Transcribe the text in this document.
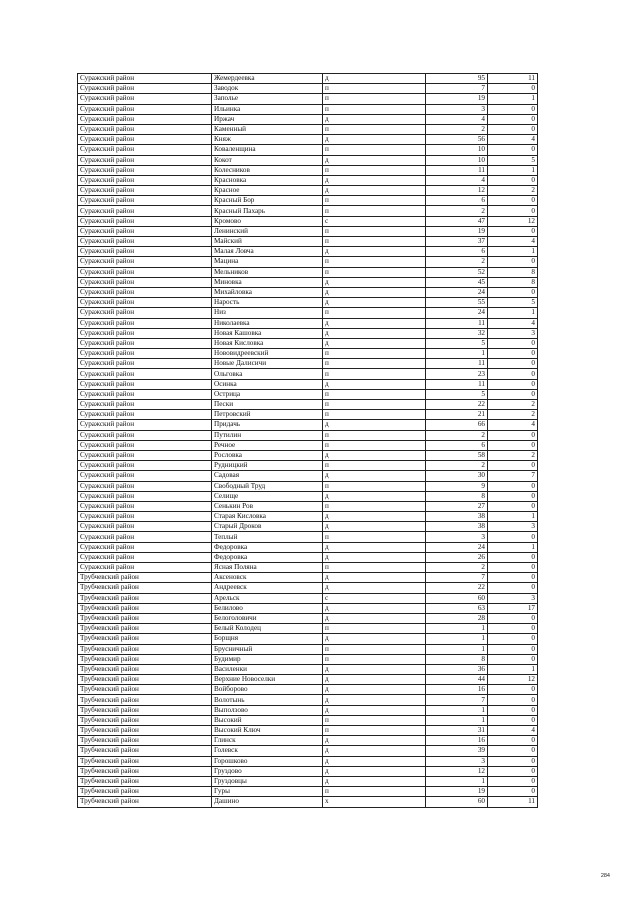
Суражский район	Жемердеевка	д	95	11
Суражский район	Заводок	п	7	0
Суражский район	Заполье	п	19	1
Суражский район	Ильинка	п	3	0
Суражский район	Иржач	д	4	0
Суражский район	Каменный	п	2	0
Суражский район	Княж	д	56	4
Суражский район	Коваленщина	п	10	0
Суражский район	Кокот	д	10	5
Суражский район	Колесников	п	11	1
Суражский район	Красновка	д	4	0
Суражский район	Красное	д	12	2
Суражский район	Красный Бор	п	6	0
Суражский район	Красный Пахарь	п	2	0
Суражский район	Кромово	с	47	12
Суражский район	Ленинский	п	19	0
Суражский район	Майский	п	37	4
Суражский район	Малая Ловча	д	6	1
Суражский район	Мацина	п	2	0
Суражский район	Мельников	п	52	8
Суражский район	Миновка	д	45	8
Суражский район	Михайловка	д	24	0
Суражский район	Нарость	д	55	5
Суражский район	Низ	п	24	1
Суражский район	Николаевка	д	11	4
Суражский район	Новая Кашовка	д	32	3
Суражский район	Новая Кисловка	д	5	0
Суражский район	Нововидреевский	п	1	0
Суражский район	Новые Далисичи	п	11	0
Суражский район	Ольговка	п	23	0
Суражский район	Осинка	д	11	0
Суражский район	Острица	п	5	0
Суражский район	Пески	п	22	2
Суражский район	Петровский	п	21	2
Суражский район	Придачь	д	66	4
Суражский район	Путилин	п	2	0
Суражский район	Речное	п	6	0
Суражский район	Рословка	д	58	2
Суражский район	Рудницкий	п	2	0
Суражский район	Садовая	д	30	7
Суражский район	Свободный Труд	п	9	0
Суражский район	Селище	д	8	0
Суражский район	Сенькин Ров	п	27	0
Суражский район	Старая Кисловка	д	38	1
Суражский район	Старый Дроков	д	38	3
Суражский район	Теплый	п	3	0
Суражский район	Федоровка	д	24	1
Суражский район	Федоровка	д	26	0
Суражский район	Ясная Поляна	п	2	0
Трубчевский район	Аксеновск	д	7	0
Трубчевский район	Андреевск	д	22	0
Трубчевский район	Арельск	с	60	3
Трубчевский район	Белилово	д	63	17
Трубчевский район	Белоголовичи	д	28	0
Трубчевский район	Белый Колодец	п	1	0
Трубчевский район	Борщня	д	1	0
Трубчевский район	Брусничный	п	1	0
Трубчевский район	Будимир	п	8	0
Трубчевский район	Василенки	д	36	1
Трубчевский район	Верхние Новоселки	д	44	12
Трубчевский район	Войборово	д	16	0
Трубчевский район	Волотынь	д	7	0
Трубчевский район	Выползово	д	1	0
Трубчевский район	Высокий	п	1	0
Трубчевский район	Высокий Ключ	п	31	4
Трубчевский район	Глинск	д	16	0
Трубчевский район	Голевск	д	39	0
Трубчевский район	Горошково	д	3	0
Трубчевский район	Груздово	д	12	0
Трубчевский район	Груздовцы	д	1	0
Трубчевский район	Гуры	п	19	0
Трубчевский район	Дашино	х	60	11
284
